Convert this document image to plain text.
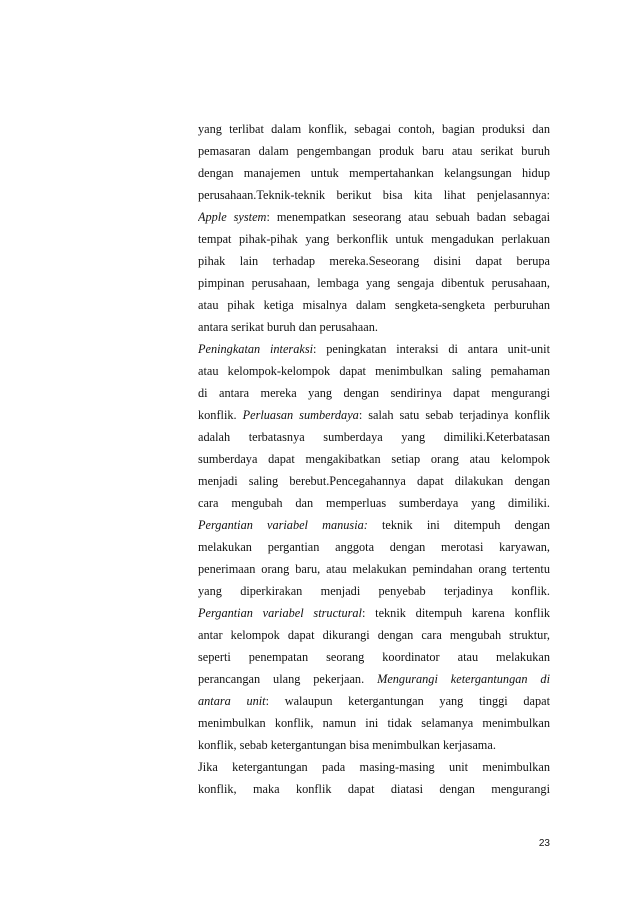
yang terlibat dalam konflik, sebagai contoh, bagian produksi dan
pemasaran dalam pengembangan produk baru atau serikat buruh
dengan manajemen untuk mempertahankan kelangsungan hidup
perusahaan.Teknik-teknik berikut bisa kita lihat penjelasannya:
Apple system: menempatkan seseorang atau sebuah badan sebagai
tempat pihak-pihak yang berkonflik untuk mengadukan perlakuan
pihak lain terhadap mereka.Seseorang disini dapat berupa
pimpinan perusahaan, lembaga yang sengaja dibentuk perusahaan,
atau pihak ketiga misalnya dalam sengketa-sengketa perburuhan
antara serikat buruh dan perusahaan.
Peningkatan interaksi: peningkatan interaksi di antara unit-unit
atau kelompok-kelompok dapat menimbulkan saling pemahaman
di antara mereka yang dengan sendirinya dapat mengurangi
konflik. Perluasan sumberdaya: salah satu sebab terjadinya konflik
adalah terbatasnya sumberdaya yang dimiliki.Keterbatasan
sumberdaya dapat mengakibatkan setiap orang atau kelompok
menjadi saling berebut.Pencegahannya dapat dilakukan dengan
cara mengubah dan memperluas sumberdaya yang dimiliki.
Pergantian variabel manusia: teknik ini ditempuh dengan
melakukan pergantian anggota dengan merotasi karyawan,
penerimaan orang baru, atau melakukan pemindahan orang tertentu
yang diperkirakan menjadi penyebab terjadinya konflik.
Pergantian variabel structural: teknik ditempuh karena konflik
antar kelompok dapat dikurangi dengan cara mengubah struktur,
seperti penempatan seorang koordinator atau melakukan
perancangan ulang pekerjaan. Mengurangi ketergantungan di
antara unit: walaupun ketergantungan yang tinggi dapat
menimbulkan konflik, namun ini tidak selamanya menimbulkan
konflik, sebab ketergantungan bisa menimbulkan kerjasama.
Jika ketergantungan pada masing-masing unit menimbulkan
konflik, maka konflik dapat diatasi dengan mengurangi
23
